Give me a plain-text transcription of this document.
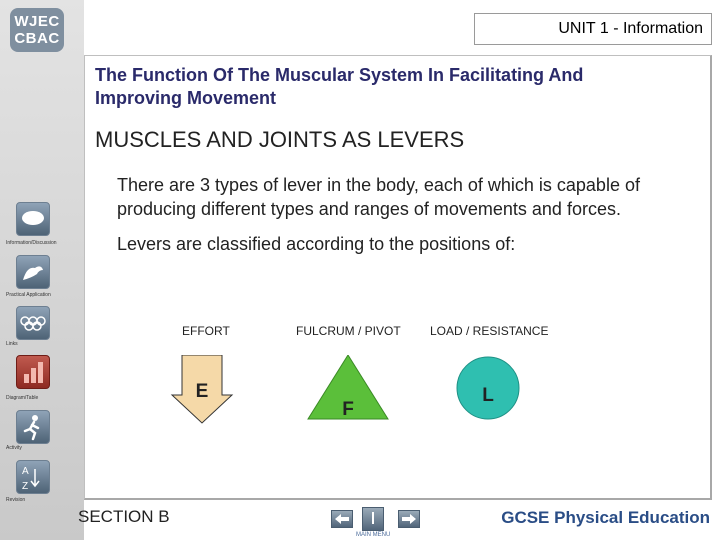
WJEC
CBAC
Information/Discussion
Practical Application
Links
Diagram/Table
Activity
A
Z
Revision
UNIT 1 - Information
The Function Of The Muscular System In Facilitating And Improving Movement
MUSCLES AND JOINTS AS LEVERS
There are 3 types of lever in the body, each of which is capable of producing different types and ranges of movements and forces.
Levers are classified according to the positions of:
EFFORT	FULCRUM / PIVOT LOAD / RESISTANCE
E
F
L
SECTION B
MAIN MENU
GCSE Physical Education
